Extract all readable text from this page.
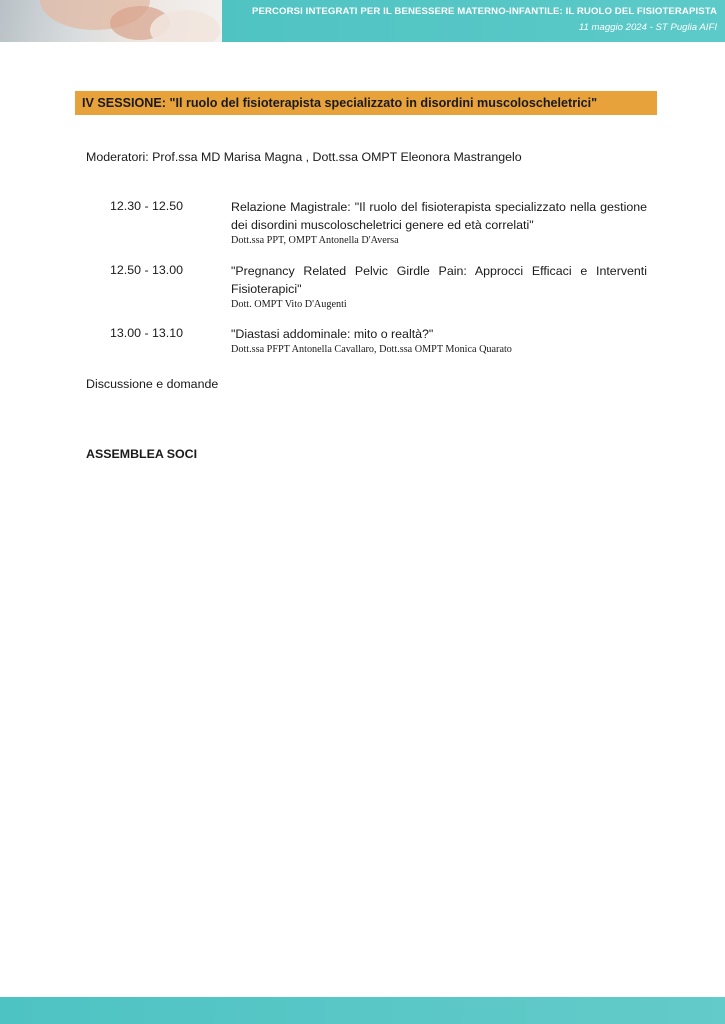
PERCORSI INTEGRATI PER IL BENESSERE MATERNO-INFANTILE: IL RUOLO DEL FISIOTERAPISTA
11 maggio 2024 - ST Puglia AIFI
IV SESSIONE: "Il ruolo del fisioterapista specializzato in disordini muscoloscheletrici"
Moderatori: Prof.ssa MD Marisa Magna , Dott.ssa OMPT Eleonora Mastrangelo
12.30 - 12.50	Relazione Magistrale: "Il ruolo del fisioterapista specializzato nella gestione dei disordini muscoloscheletrici genere ed età correlati"
Dott.ssa PPT, OMPT Antonella D'Aversa
12.50 - 13.00	"Pregnancy Related Pelvic Girdle Pain: Approcci Efficaci e Interventi Fisioterapici"
Dott. OMPT Vito D'Augenti
13.00 - 13.10	"Diastasi addominale: mito o realtà?"
Dott.ssa PFPT Antonella Cavallaro, Dott.ssa OMPT Monica Quarato
Discussione e domande
ASSEMBLEA SOCI
